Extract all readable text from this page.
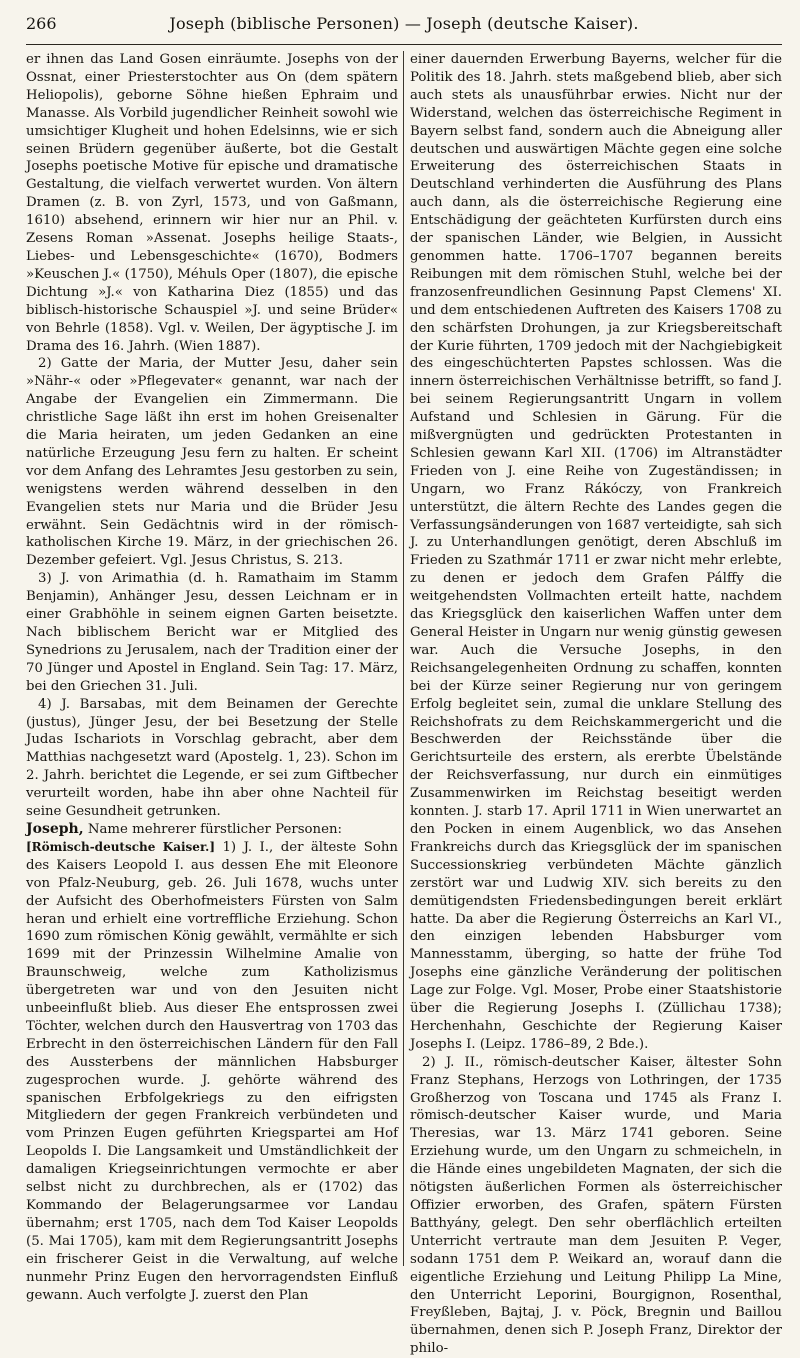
266	Joseph (biblische Personen) — Joseph (deutsche Kaiser).

er ihnen das Land Gosen einräumte. Josephs von der Ossnat, einer Priesterstochter aus On (dem spätern Heliopolis), geborne Söhne hießen Ephraim und Manasse. Als Vorbild jugendlicher Reinheit sowohl wie umsichtiger Klugheit und hohen Edelsinns, wie er sich seinen Brüdern gegenüber äußerte, bot die Gestalt Josephs poetische Motive für epische und dramatische Gestaltung, die vielfach verwertet wurden. Von ältern Dramen (z. B. von Zyrl, 1573, und von Gaßmann, 1610) absehend, erinnern wir hier nur an Phil. v. Zesens Roman »Assenat. Josephs heilige Staats-, Liebes- und Lebensgeschichte« (1670), Bodmers »Keuschen J.« (1750), Méhuls Oper (1807), die epische Dichtung »J.« von Katharina Diez (1855) und das biblisch-historische Schauspiel »J. und seine Brüder« von Behrle (1858). Vgl. v. Weilen, Der ägyptische J. im Drama des 16. Jahrh. (Wien 1887).

2) Gatte der Maria, der Mutter Jesu, daher sein »Nähr-« oder »Pflegevater« genannt, war nach der Angabe der Evangelien ein Zimmermann. Die christliche Sage läßt ihn erst im hohen Greisenalter die Maria heiraten, um jeden Gedanken an eine natürliche Erzeugung Jesu fern zu halten. Er scheint vor dem Anfang des Lehramtes Jesu gestorben zu sein, wenigstens werden während desselben in den Evangelien stets nur Maria und die Brüder Jesu erwähnt. Sein Gedächtnis wird in der römisch-katholischen Kirche 19. März, in der griechischen 26. Dezember gefeiert. Vgl. Jesus Christus, S. 213.

3) J. von Arimathia (d. h. Ramathaim im Stamm Benjamin), Anhänger Jesu, dessen Leichnam er in einer Grabhöhle in seinem eignen Garten beisetzte. Nach biblischem Bericht war er Mitglied des Synedrions zu Jerusalem, nach der Tradition einer der 70 Jünger und Apostel in England. Sein Tag: 17. März, bei den Griechen 31. Juli.

4) J. Barsabas, mit dem Beinamen der Gerechte (justus), Jünger Jesu, der bei Besetzung der Stelle Judas Ischariots in Vorschlag gebracht, aber dem Matthias nachgesetzt ward (Apostelg. 1, 23). Schon im 2. Jahrh. berichtet die Legende, er sei zum Giftbecher verurteilt worden, habe ihn aber ohne Nachteil für seine Gesundheit getrunken.

Joseph, Name mehrerer fürstlicher Personen:

[Römisch-deutsche Kaiser.] 1) J. I., der älteste Sohn des Kaisers Leopold I. aus dessen Ehe mit Eleonore von Pfalz-Neuburg, geb. 26. Juli 1678, wuchs unter der Aufsicht des Oberhofmeisters Fürsten von Salm heran und erhielt eine vortreffliche Erziehung. Schon 1690 zum römischen König gewählt, vermählte er sich 1699 mit der Prinzessin Wilhelmine Amalie von Braunschweig, welche zum Katholizismus übergetreten war und von den Jesuiten nicht unbeeinflußt blieb. Aus dieser Ehe entsprossen zwei Töchter, welchen durch den Hausvertrag von 1703 das Erbrecht in den österreichischen Ländern für den Fall des Aussterbens der männlichen Habsburger zugesprochen wurde. J. gehörte während des spanischen Erbfolgekriegs zu den eifrigsten Mitgliedern der gegen Frankreich verbündeten und vom Prinzen Eugen geführten Kriegspartei am Hof Leopolds I. Die Langsamkeit und Umständlichkeit der damaligen Kriegseinrichtungen vermochte er aber selbst nicht zu durchbrechen, als er (1702) das Kommando der Belagerungsarmee vor Landau übernahm; erst 1705, nach dem Tod Kaiser Leopolds (5. Mai 1705), kam mit dem Regierungsantritt Josephs ein frischerer Geist in die Verwaltung, auf welche nunmehr Prinz Eugen den hervorragendsten Einfluß gewann. Auch verfolgte J. zuerst den Plan

einer dauernden Erwerbung Bayerns, welcher für die Politik des 18. Jahrh. stets maßgebend blieb, aber sich auch stets als unausführbar erwies. Nicht nur der Widerstand, welchen das österreichische Regiment in Bayern selbst fand, sondern auch die Abneigung aller deutschen und auswärtigen Mächte gegen eine solche Erweiterung des österreichischen Staats in Deutschland verhinderten die Ausführung des Plans auch dann, als die österreichische Regierung eine Entschädigung der geächteten Kurfürsten durch eins der spanischen Länder, wie Belgien, in Aussicht genommen hatte. 1706–1707 begannen bereits Reibungen mit dem römischen Stuhl, welche bei der franzosenfreundlichen Gesinnung Papst Clemens' XI. und dem entschiedenen Auftreten des Kaisers 1708 zu den schärfsten Drohungen, ja zur Kriegsbereitschaft der Kurie führten, 1709 jedoch mit der Nachgiebigkeit des eingeschüchterten Papstes schlossen. Was die innern österreichischen Verhältnisse betrifft, so fand J. bei seinem Regierungsantritt Ungarn in vollem Aufstand und Schlesien in Gärung. Für die mißvergnügten und gedrückten Protestanten in Schlesien gewann Karl XII. (1706) im Altranstädter Frieden von J. eine Reihe von Zugeständissen; in Ungarn, wo Franz Rákóczy, von Frankreich unterstützt, die ältern Rechte des Landes gegen die Verfassungsänderungen von 1687 verteidigte, sah sich J. zu Unterhandlungen genötigt, deren Abschluß im Frieden zu Szathmár 1711 er zwar nicht mehr erlebte, zu denen er jedoch dem Grafen Pálffy die weitgehendsten Vollmachten erteilt hatte, nachdem das Kriegsglück den kaiserlichen Waffen unter dem General Heister in Ungarn nur wenig günstig gewesen war. Auch die Versuche Josephs, in den Reichsangelegenheiten Ordnung zu schaffen, konnten bei der Kürze seiner Regierung nur von geringem Erfolg begleitet sein, zumal die unklare Stellung des Reichshofrats zu dem Reichskammergericht und die Beschwerden der Reichsstände über die Gerichtsurteile des erstern, als ererbte Übelstände der Reichsverfassung, nur durch ein einmütiges Zusammenwirken im Reichstag beseitigt werden konnten. J. starb 17. April 1711 in Wien unerwartet an den Pocken in einem Augenblick, wo das Ansehen Frankreichs durch das Kriegsglück der im spanischen Successionskrieg verbündeten Mächte gänzlich zerstört war und Ludwig XIV. sich bereits zu den demütigendsten Friedensbedingungen bereit erklärt hatte. Da aber die Regierung Österreichs an Karl VI., den einzigen lebenden Habsburger vom Mannesstamm, überging, so hatte der frühe Tod Josephs eine gänzliche Veränderung der politischen Lage zur Folge. Vgl. Moser, Probe einer Staatshistorie über die Regierung Josephs I. (Züllichau 1738); Herchenhahn, Geschichte der Regierung Kaiser Josephs I. (Leipz. 1786–89, 2 Bde.).

2) J. II., römisch-deutscher Kaiser, ältester Sohn Franz Stephans, Herzogs von Lothringen, der 1735 Großherzog von Toscana und 1745 als Franz I. römisch-deutscher Kaiser wurde, und Maria Theresias, war 13. März 1741 geboren. Seine Erziehung wurde, um den Ungarn zu schmeicheln, in die Hände eines ungebildeten Magnaten, der sich die nötigsten äußerlichen Formen als österreichischer Offizier erworben, des Grafen, spätern Fürsten Batthyány, gelegt. Den sehr oberflächlich erteilten Unterricht vertraute man dem Jesuiten P. Veger, sodann 1751 dem P. Weikard an, worauf dann die eigentliche Erziehung und Leitung Philipp La Mine, den Unterricht Leporini, Bourgignon, Rosenthal, Freyßleben, Bajtaj, J. v. Pöck, Bregnin und Baillou übernahmen, denen sich P. Joseph Franz, Direktor der philo-
